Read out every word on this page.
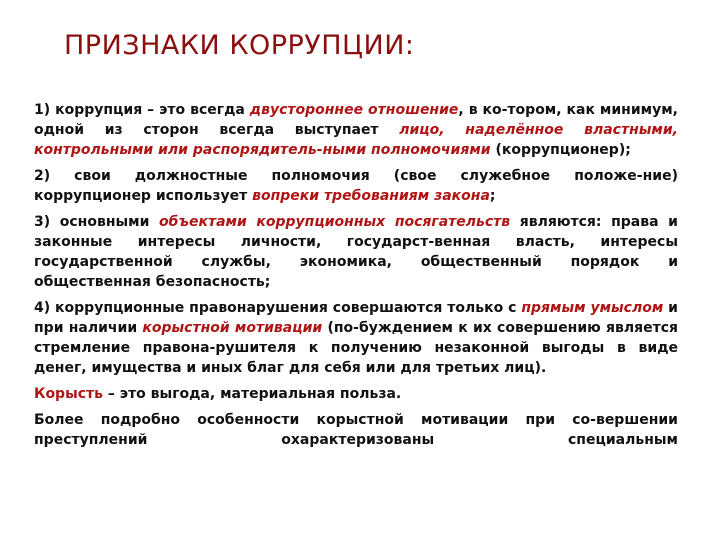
ПРИЗНАКИ КОРРУПЦИИ:

1) коррупция – это всегда двустороннее отношение, в ко-тором, как минимум, одной из сторон всегда выступает лицо, наделённое властными, контрольными или распорядитель-ными полномочиями (коррупционер);

2) свои должностные полномочия (свое служебное положе-ние) коррупционер использует вопреки требованиям закона;

3) основными объектами коррупционных посягательств являются: права и законные интересы личности, государст-венная власть, интересы государственной службы, экономика, общественный порядок и общественная безопасность;

4) коррупционные правонарушения совершаются только с прямым умыслом и при наличии корыстной мотивации (по-буждением к их совершению является стремление правона-рушителя к получению незаконной выгоды в виде денег, имущества и иных благ для себя или для третьих лиц).

Корысть – это выгода, материальная польза.

Более подробно особенности корыстной мотивации при со-вершении преступлений охарактеризованы специальным
